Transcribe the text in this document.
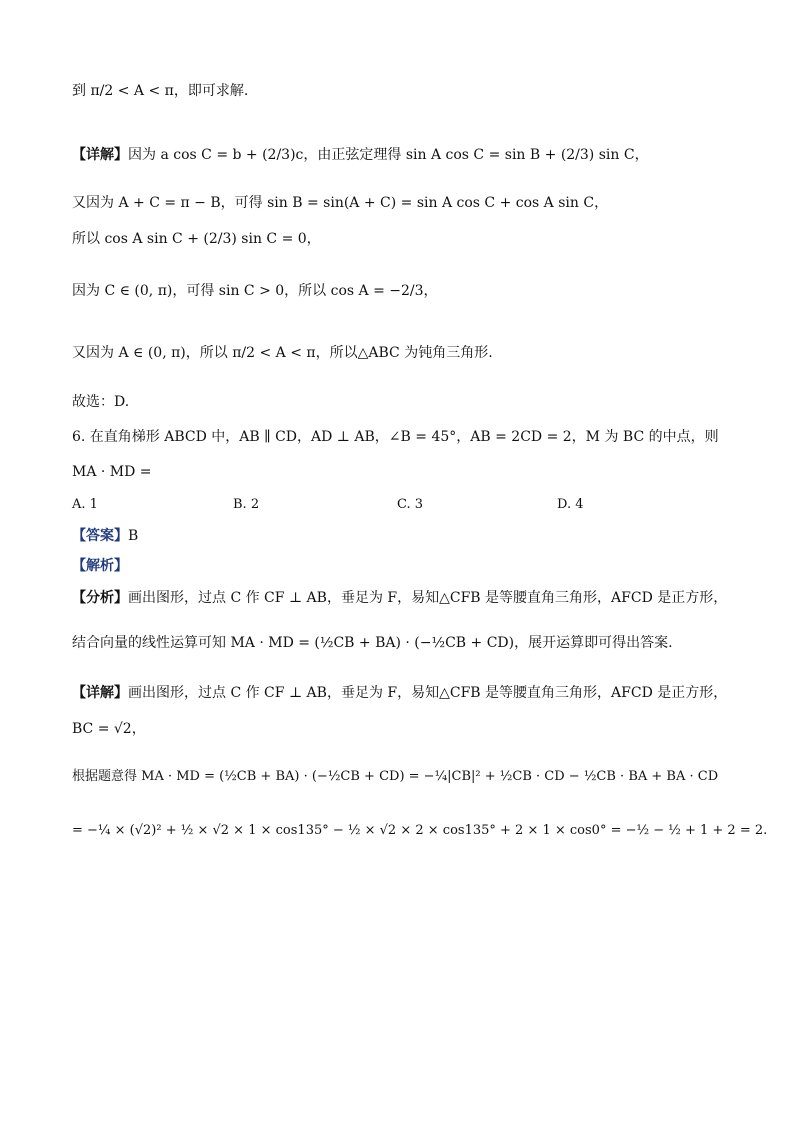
到 π/2 < A < π，即可求解.
【详解】因为 a cos C = b + (2/3)c，由正弦定理得 sin A cos C = sin B + (2/3) sin C，
又因为 A + C = π − B，可得 sin B = sin(A + C) = sin A cos C + cos A sin C，
所以 cos A sin C + (2/3) sin C = 0，
因为 C ∈ (0, π)，可得 sin C > 0，所以 cos A = −2/3，
又因为 A ∈ (0, π)，所以 π/2 < A < π，所以△ABC 为钝角三角形.
故选：D.
6. 在直角梯形 ABCD 中，AB ∥ CD，AD ⊥ AB，∠B = 45°，AB = 2CD = 2，M 为 BC 的中点，则
MA · MD =
A. 1	B. 2	C. 3	D. 4
【答案】B
【解析】
【分析】画出图形，过点 C 作 CF ⊥ AB，垂足为 F，易知△CFB 是等腰直角三角形，AFCD 是正方形，
结合向量的线性运算可知 MA · MD = (½CB + BA) · (−½CB + CD)，展开运算即可得出答案.
【详解】画出图形，过点 C 作 CF ⊥ AB，垂足为 F，易知△CFB 是等腰直角三角形，AFCD 是正方形，
BC = √2，
根据题意得 MA · MD = (½CB + BA) · (−½CB + CD) = −¼|CB|² + ½CB · CD − ½CB · BA + BA · CD
= −¼ × (√2)² + ½ × √2 × 1 × cos135° − ½ × √2 × 2 × cos135° + 2 × 1 × cos0° = −½ − ½ + 1 + 2 = 2.
